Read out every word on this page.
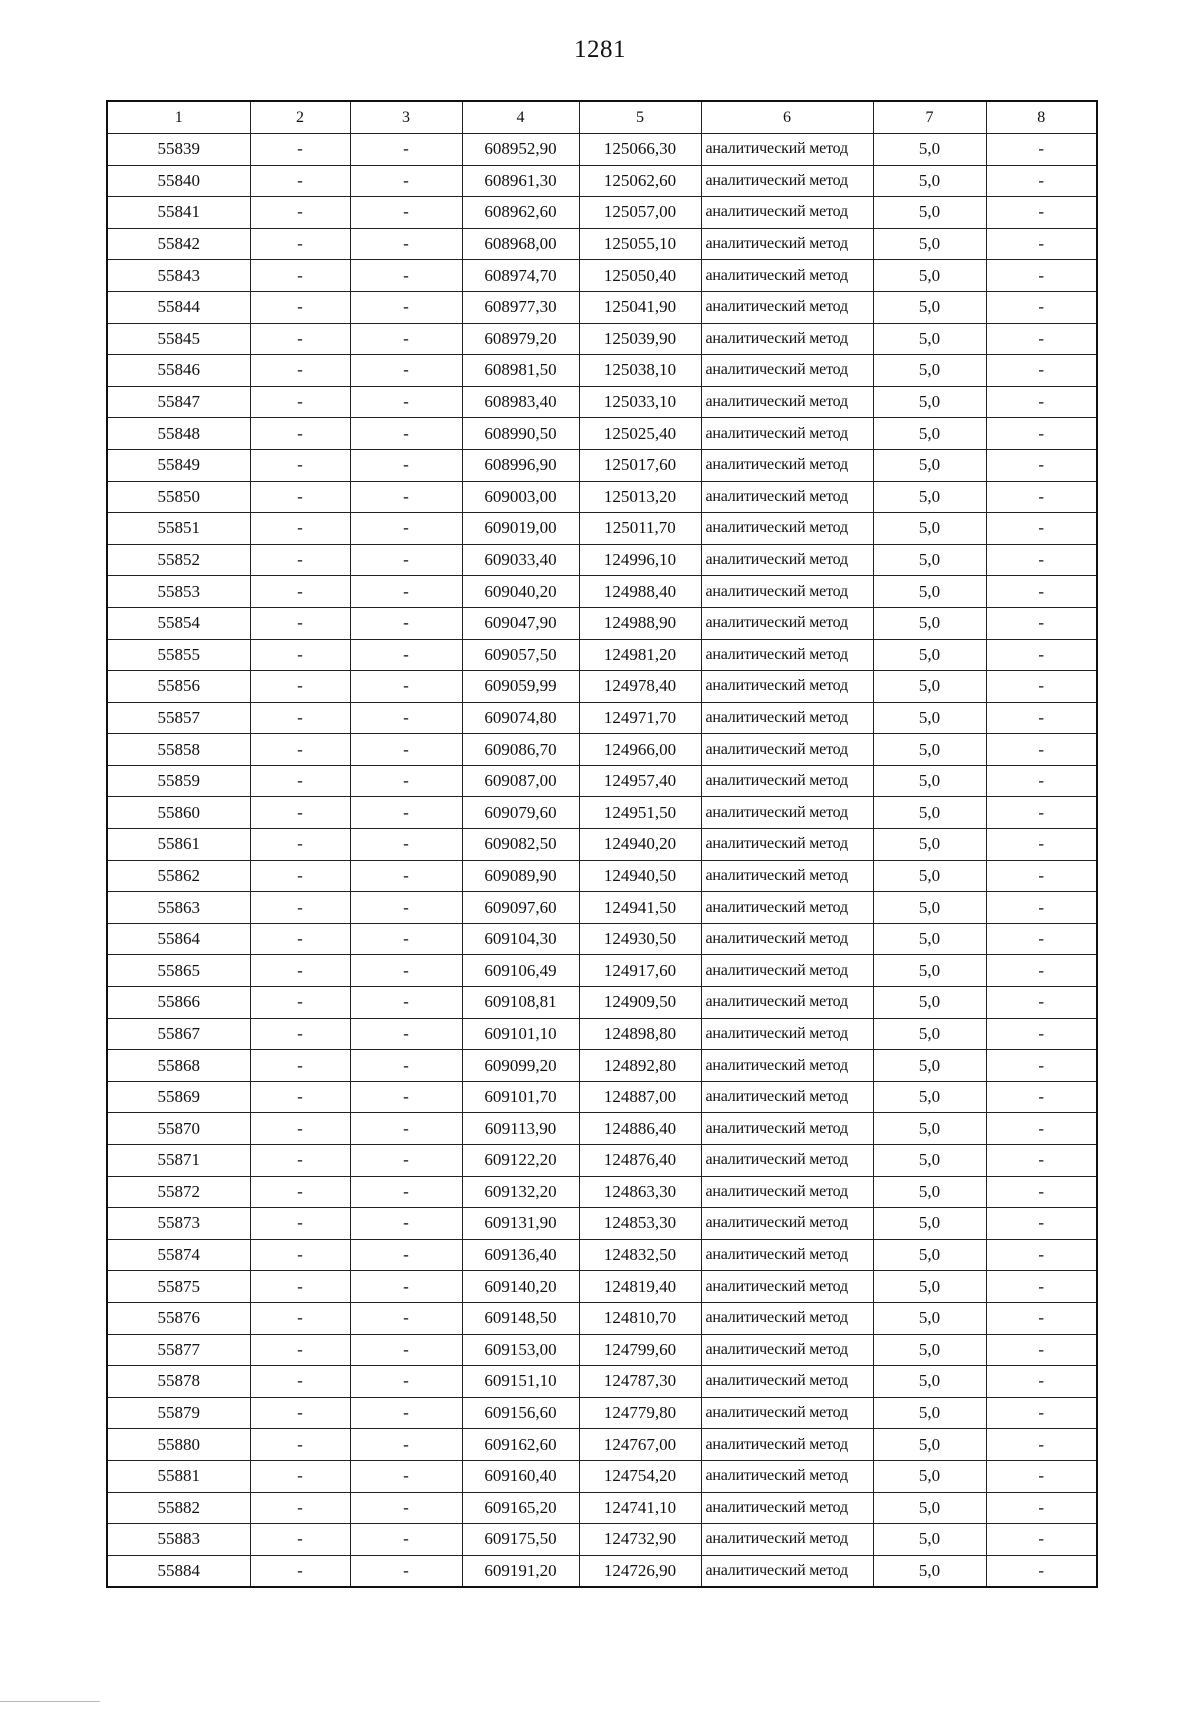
1281
1	2	3	4	5	6	7	8
55839	-	-	608952,90	125066,30	аналитический метод	5,0	-
55840	-	-	608961,30	125062,60	аналитический метод	5,0	-
55841	-	-	608962,60	125057,00	аналитический метод	5,0	-
55842	-	-	608968,00	125055,10	аналитический метод	5,0	-
55843	-	-	608974,70	125050,40	аналитический метод	5,0	-
55844	-	-	608977,30	125041,90	аналитический метод	5,0	-
55845	-	-	608979,20	125039,90	аналитический метод	5,0	-
55846	-	-	608981,50	125038,10	аналитический метод	5,0	-
55847	-	-	608983,40	125033,10	аналитический метод	5,0	-
55848	-	-	608990,50	125025,40	аналитический метод	5,0	-
55849	-	-	608996,90	125017,60	аналитический метод	5,0	-
55850	-	-	609003,00	125013,20	аналитический метод	5,0	-
55851	-	-	609019,00	125011,70	аналитический метод	5,0	-
55852	-	-	609033,40	124996,10	аналитический метод	5,0	-
55853	-	-	609040,20	124988,40	аналитический метод	5,0	-
55854	-	-	609047,90	124988,90	аналитический метод	5,0	-
55855	-	-	609057,50	124981,20	аналитический метод	5,0	-
55856	-	-	609059,99	124978,40	аналитический метод	5,0	-
55857	-	-	609074,80	124971,70	аналитический метод	5,0	-
55858	-	-	609086,70	124966,00	аналитический метод	5,0	-
55859	-	-	609087,00	124957,40	аналитический метод	5,0	-
55860	-	-	609079,60	124951,50	аналитический метод	5,0	-
55861	-	-	609082,50	124940,20	аналитический метод	5,0	-
55862	-	-	609089,90	124940,50	аналитический метод	5,0	-
55863	-	-	609097,60	124941,50	аналитический метод	5,0	-
55864	-	-	609104,30	124930,50	аналитический метод	5,0	-
55865	-	-	609106,49	124917,60	аналитический метод	5,0	-
55866	-	-	609108,81	124909,50	аналитический метод	5,0	-
55867	-	-	609101,10	124898,80	аналитический метод	5,0	-
55868	-	-	609099,20	124892,80	аналитический метод	5,0	-
55869	-	-	609101,70	124887,00	аналитический метод	5,0	-
55870	-	-	609113,90	124886,40	аналитический метод	5,0	-
55871	-	-	609122,20	124876,40	аналитический метод	5,0	-
55872	-	-	609132,20	124863,30	аналитический метод	5,0	-
55873	-	-	609131,90	124853,30	аналитический метод	5,0	-
55874	-	-	609136,40	124832,50	аналитический метод	5,0	-
55875	-	-	609140,20	124819,40	аналитический метод	5,0	-
55876	-	-	609148,50	124810,70	аналитический метод	5,0	-
55877	-	-	609153,00	124799,60	аналитический метод	5,0	-
55878	-	-	609151,10	124787,30	аналитический метод	5,0	-
55879	-	-	609156,60	124779,80	аналитический метод	5,0	-
55880	-	-	609162,60	124767,00	аналитический метод	5,0	-
55881	-	-	609160,40	124754,20	аналитический метод	5,0	-
55882	-	-	609165,20	124741,10	аналитический метод	5,0	-
55883	-	-	609175,50	124732,90	аналитический метод	5,0	-
55884	-	-	609191,20	124726,90	аналитический метод	5,0	-
